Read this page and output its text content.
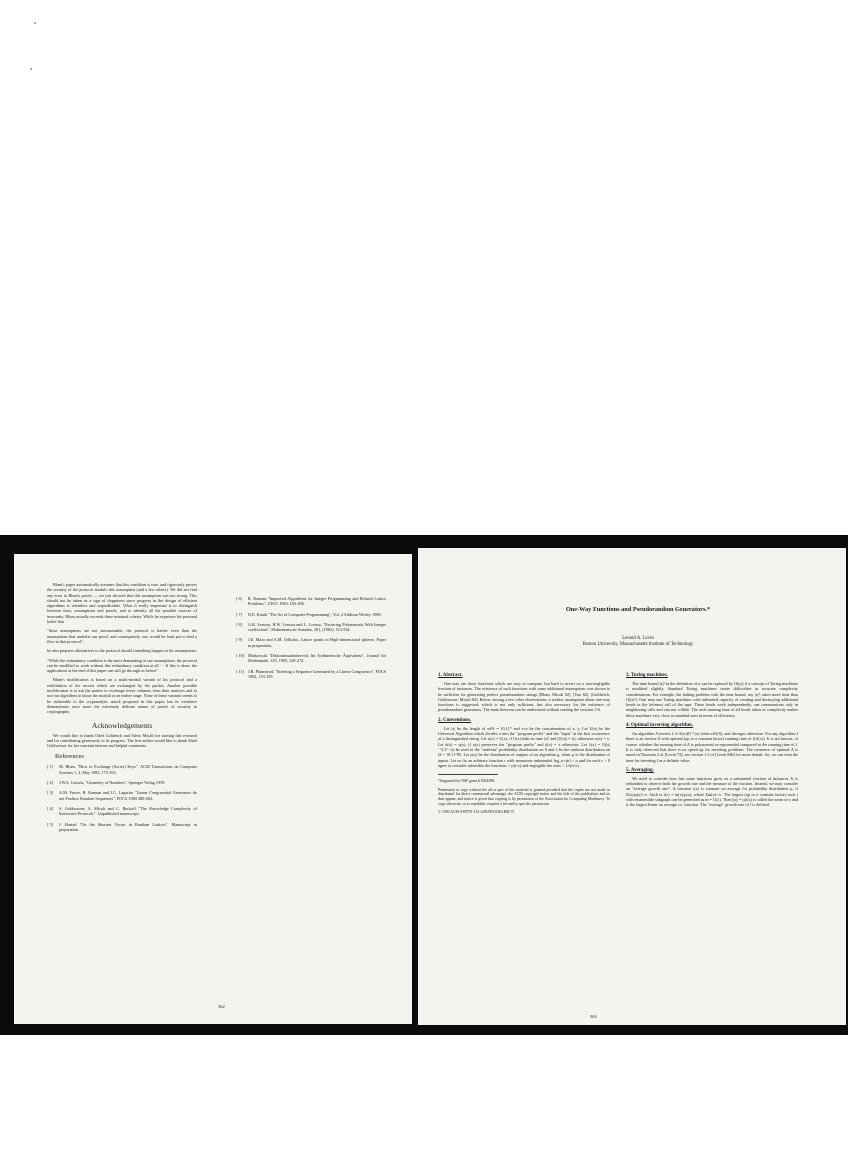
Blum's paper axiomatically assumes that this condition is true, and rigorously proves the security of the protocol modulo this assumption (and a few others). We did not find any error in Blum's proofs — we just showed that this assumption was too strong. This should not be taken as a sign of sloppiness since progress in the design of efficient algorithms is relentless and unpredictable. What is really important is to distinguish between facts, assumptions and proofs, and to identify all the possible sources of insecurity. Blum actually exceeds these minimal criteria. While he expresses his personal belief that

"these assumptions are not unreasonable, the protocol is harder even than the assumptions that underlie our proof, and consequently, one would be hard put to find a flaw in that protocol",

he also prepares alternatives to the protocol should something happen to his assumptions:

"While the redundancy condition is the most demanding of our assumptions, the protocol can be modified to work without this redundancy condition at all ··· If this is done, the applications at the end of this paper can still go through as before".

Blum's modification is based on a multi-moduli variant of his protocol and a redefinition of the secrets which are exchanged by the parties. Another possible modification is to ask the parties to exchange fewer columns from their matrices and to use our algorithm to factor the moduli at an earlier stage. None of these variants seems to be vulnerable to the cryptanalytic attack proposed in this paper, but its existence demonstrates once more the extremely delicate nature of proofs of security in cryptography.

Acknowledgements

We would like to thank Oded Goldreich and Silvio Micali for starting this research and for contributing generously to its progress. The first author would like to thank Shafi Goldwasser for her constant interest and helpful comments.

References
[ 1]	M. Blum, "How to Exchange (Secret) Keys", ACM Transactions on Computer Systems 1, 2, May 1983, 175-193.
[ 2]	J.W.S. Cassels, "Geometry of Numbers", Springer Verlag 1959.
[ 3]	A.M. Frieze, R. Kannan and J.C. Lagarias "Linear Congruential Generators do not Produce Random Sequences", FOCS 1984 480-484.
[ 4]	S. Goldwasser, S. Micali and C. Rackoff "The Knowledge Complexity of Interactive Protocols". Unpublished manuscript.
[ 5]	J. Hastad "On the Shortest Vector in Random Lattices". Manuscript in preparation.
[ 6]	R. Kannan "Improved Algorithms for Integer Programming and Related Lattice Problems", STOC 1983, 193-206.
[ 7]	D.E. Knuth "The Art of Computer Programming", Vol. 2 Addison Wesley 1980.
[ 8]	A.K. Lenstra, H.W. Lenstra and L. Lovasz, "Factoring Polynomials With Integer coefficients", Mathematische Annalen, 261, (1982), 513-534.
[ 9]	J.E. Mazo and A.M. Odlyzko, Lattice points in High-dimensional spheres. Paper in preparation.
[ 10] Minkowski "Diskontinuitätsbereich für Arithmetische Äquivalenz", Journal für Mathematik, 129, 1905, 220-274.
[ 11] J.B. Plumstead, "Inferring a Sequence Generated by a Linear Congruence", FOCS 1982, 153-159.
362
One-Way Functions and Pseudorandom Generators.*
Leonid A. Levin
Boston University, Massachusetts Institute of Technology
1. Abstract.

One-way are those functions which are easy to compute, but hard to invert on a non-negligible fraction of instances. The existence of such functions with some additional assumptions was shown to be sufficient for generating perfect pseudorandom strings [Blum, Micali 82], [Yao 82], [Goldreich, Goldwasser, Micali 84]. Below, among a few other observations, a weaker assumption about one-way functions is suggested, which is not only sufficient, but also necessary for the existence of pseudorandom generators. The main theorem can be understood without reading the sections 3-6.

2. Conventions.

Let |x| be the length of x∈S = {0,1}* and x∘y be the concatenation of x, y. Let U(x) be the Universal Algorithm which divides x into the "program prefix" and the "input" at the first occurrence of a distinguished string. Let u(x) = U(x), if U(x) halts in time |x|² and |U(x)| = |x|; otherwise u(x) = x. Let ū(x) = u(x), if u(x) preserves the "program prefix" and ū(x) = x otherwise. Let λ(x) = O(|x|⁻²)·2^−|x| be used as the "uniform" probability distribution on S and λ be the uniform distribution on Ω = {0,1}^ℕ. Let ρ(x) be the distribution of outputs of an algorithm g, when μ is the distribution of inputs. Let us fix an arbitrary function r with monotone unbounded log_n r(n) < n and for each ε > 0 agree to consider infeasible the functions > r(n^ε) and negligible the ones < 1/r(n^ε).

*Supported by NSF grant # 8304498.

Permission to copy without fee all or part of this material is granted provided that the copies are not made or distributed for direct commercial advantage, the ACM copyright notice and the title of the publication and its date appear, and notice is given that copying is by permission of the Association for Computing Machinery. To copy otherwise, or to republish, requires a fee and/or specific permission.

© 1985 ACM 0-89791-151-2/85/005/0363 $00.75

3. Turing machines.

The time bound |x|² in the definition of u can be replaced by O(|x|) if a concept of Turing machines is modified slightly. Standard Turing machines create difficulties in accurate complexity considerations. For example, the halting problem with the time bound, say |x|², takes more time than O(|x|²). One may use Turing machines with unlimited capacity of creating and destroying additional heads in the leftmost cell of the tape. These heads work independently, can communicate only in neighboring cells and can not collide. The total running time of all heads taken as complexity makes these machines very close to standard ones in terms of efficiency.

4. Optimal inverting algorithm.

An algorithm A inverts f, if A(x)∈f⁻¹(x) when x∈f(S), and diverges otherwise. For any algorithm f there is an inverse A with optimal (up to a constant factor) running time of f(A(x)). It is not known, of course, whether the running time of A is polynomial or exponential compared to the running time of f. It is only observed that there is no speed up for inverting problems. The existence of optimal A is noted in Theorem 2 of [Levin 73]; see section 1.3 of [Levin 84b] for more details. So, we can treat the time for inverting f as a definite value.

5. Averaging.

We need to consider how fast some functions grow on a substantial fraction of instances. It is redundant to observe both the growth rate and the measure of the fraction. Instead, we may consider an "average growth rate". A function t(x) is constant on average for probability distribution μ, if Σt(x)μ(x)<∞. Such is t(x) = m(x)/μ(x), where Σm(x)<∞. The largest (up to a constant factor) such t with enumerable subgraph can be generated as m = U(λ). Then ||x|| = |x|t(x) is called the norm of x and is the largest linear on average r.e. function. The "average" growth rate of f is defined

363
